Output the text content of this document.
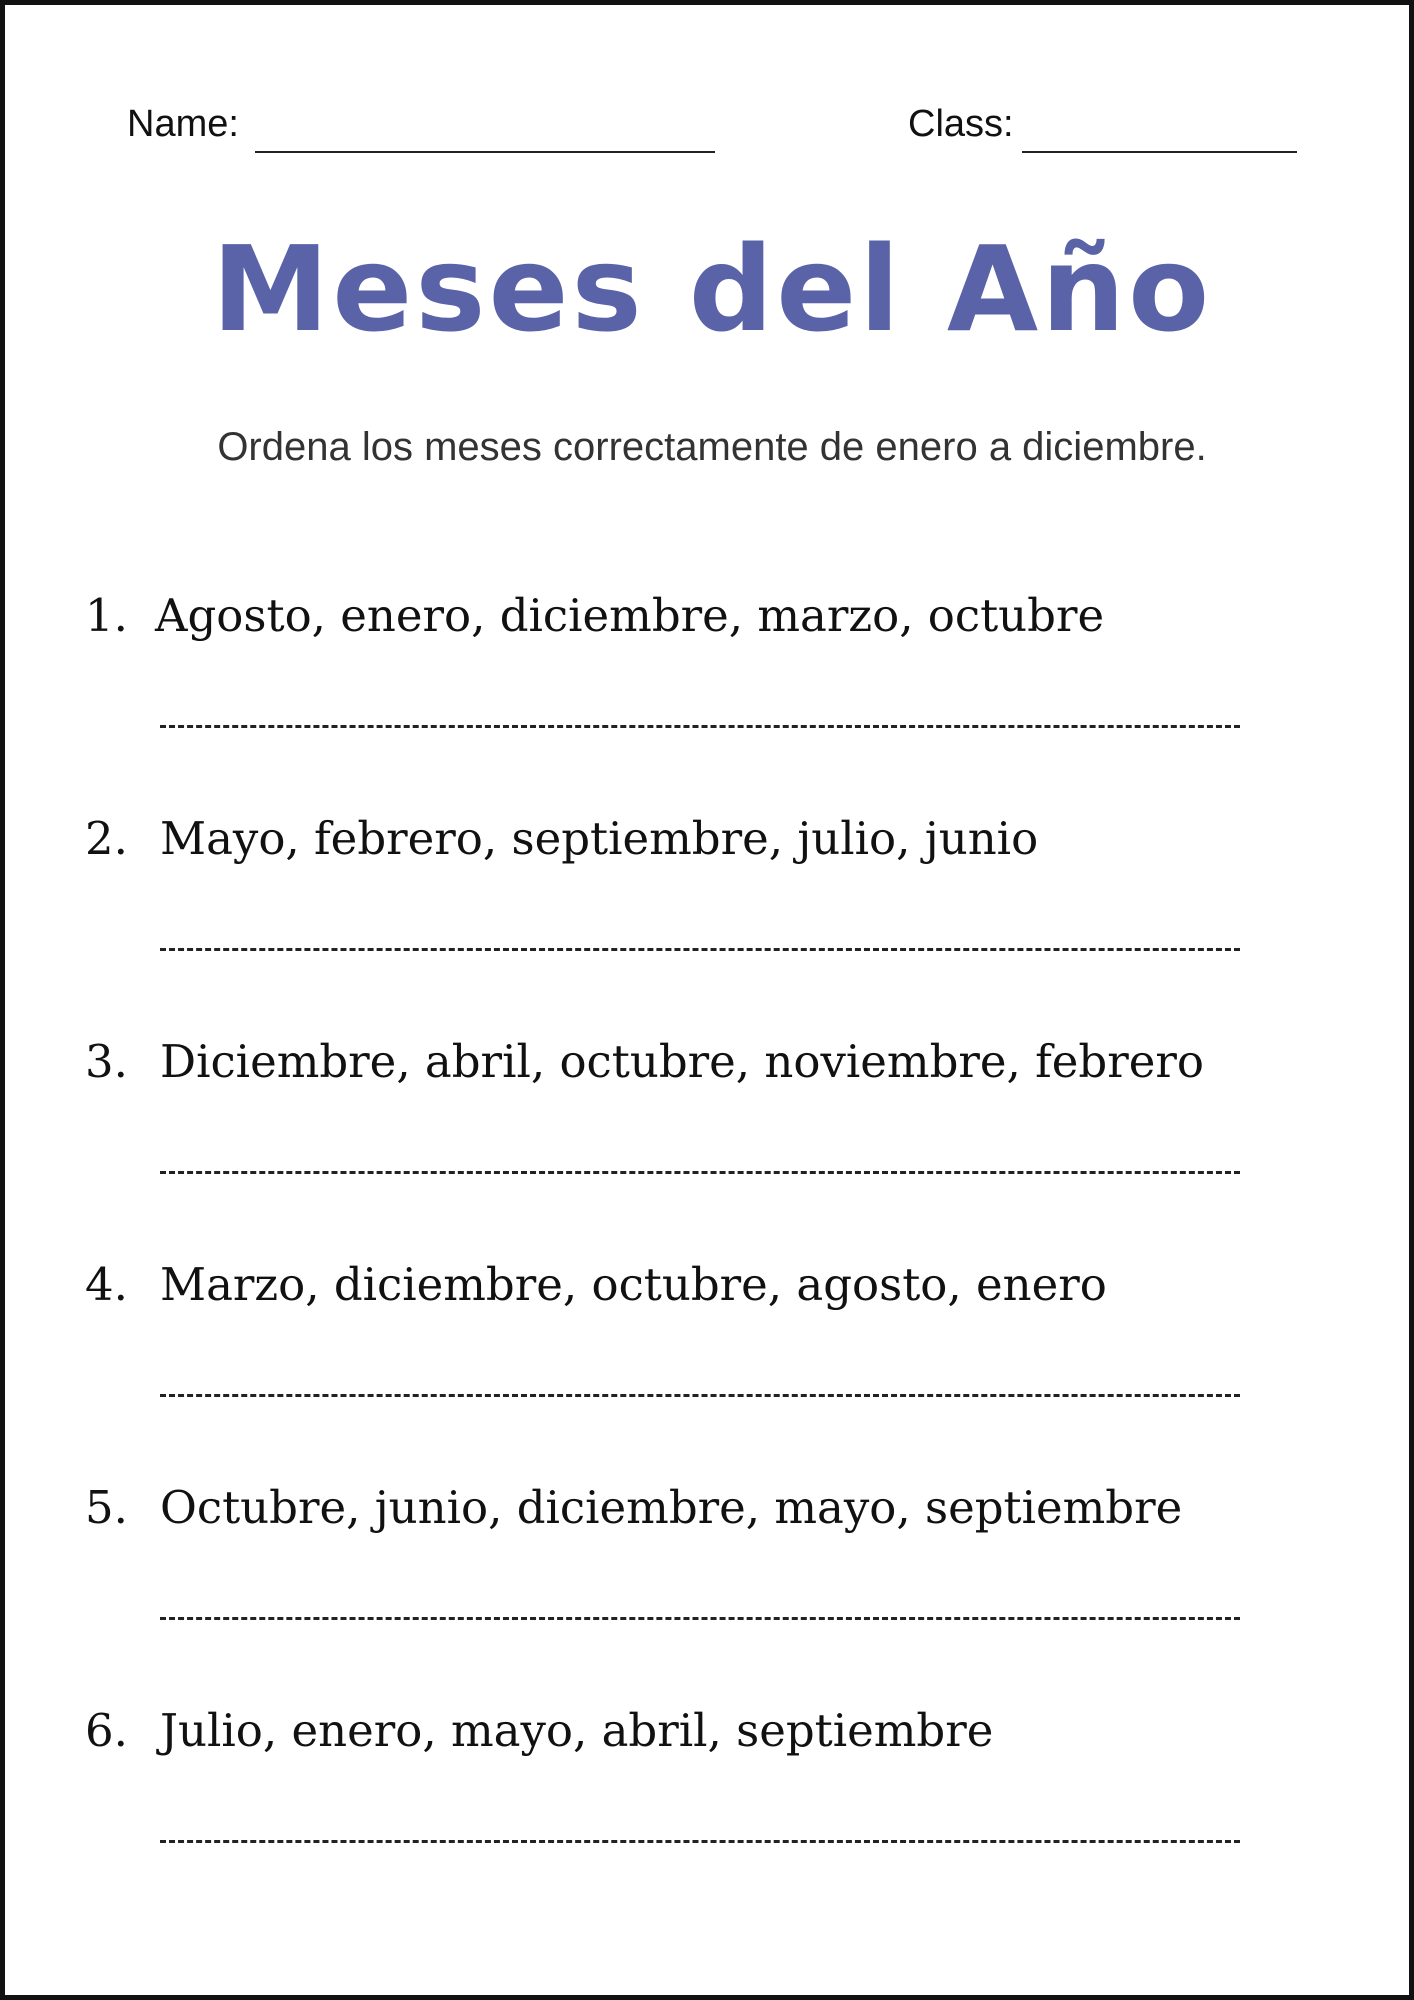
Name:	Class:
Meses del Año
Ordena los meses correctamente de enero a diciembre.
1. Agosto, enero, diciembre, marzo, octubre
2. Mayo, febrero, septiembre, julio, junio
3. Diciembre, abril, octubre, noviembre, febrero
4. Marzo, diciembre, octubre, agosto, enero
5. Octubre, junio, diciembre, mayo, septiembre
6. Julio, enero, mayo, abril, septiembre
